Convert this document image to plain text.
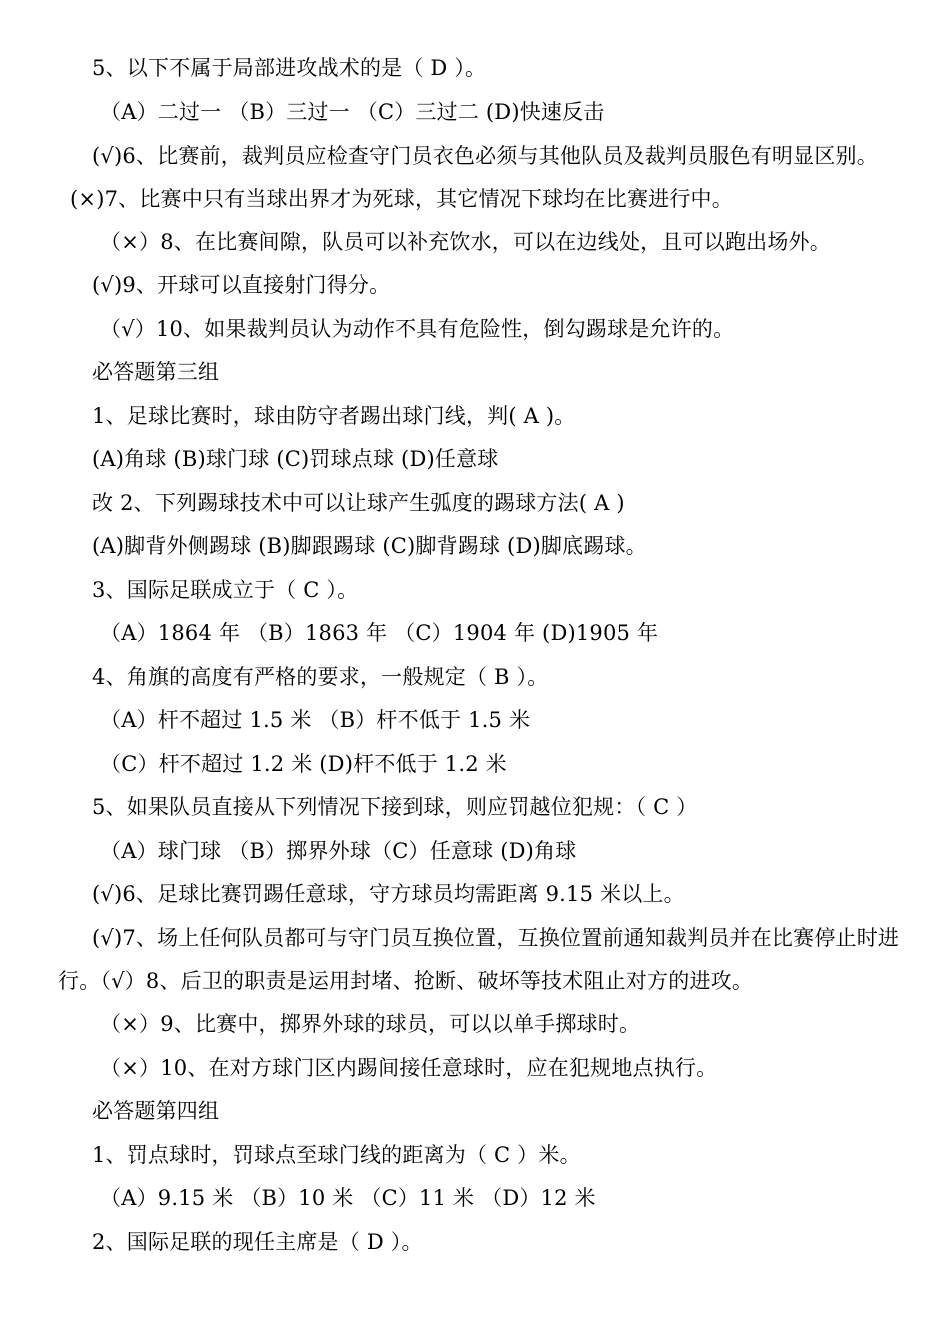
5、以下不属于局部进攻战术的是（ D ）。
（A）二过一 （B）三过一 （C）三过二 (D)快速反击
(√)6、比赛前，裁判员应检查守门员衣色必须与其他队员及裁判员服色有明显区别。
(×)7、比赛中只有当球出界才为死球，其它情况下球均在比赛进行中。
（×）8、在比赛间隙，队员可以补充饮水，可以在边线处，且可以跑出场外。
(√)9、开球可以直接射门得分。
（√）10、如果裁判员认为动作不具有危险性，倒勾踢球是允许的。
必答题第三组
1、足球比赛时，球由防守者踢出球门线，判( A )。
(A)角球 (B)球门球 (C)罚球点球 (D)任意球
改 2、下列踢球技术中可以让球产生弧度的踢球方法( A )
(A)脚背外侧踢球 (B)脚跟踢球 (C)脚背踢球 (D)脚底踢球。
3、国际足联成立于（ C ）。
（A）1864 年 （B）1863 年 （C）1904 年 (D)1905 年
4、角旗的高度有严格的要求，一般规定（ B ）。
（A）杆不超过 1.5 米 （B）杆不低于 1.5 米
（C）杆不超过 1.2 米 (D)杆不低于 1.2 米
5、如果队员直接从下列情况下接到球，则应罚越位犯规：（ C ）
（A）球门球 （B）掷界外球（C）任意球 (D)角球
(√)6、足球比赛罚踢任意球，守方球员均需距离 9.15 米以上。
(√)7、场上任何队员都可与守门员互换位置，互换位置前通知裁判员并在比赛停止时进行。（√）8、后卫的职责是运用封堵、抢断、破坏等技术阻止对方的进攻。
（×）9、比赛中，掷界外球的球员，可以以单手掷球时。
（×）10、在对方球门区内踢间接任意球时，应在犯规地点执行。
必答题第四组
1、罚点球时，罚球点至球门线的距离为（ C ）米。
（A）9.15 米 （B）10 米 （C）11 米 （D）12 米
2、国际足联的现任主席是（ D ）。
